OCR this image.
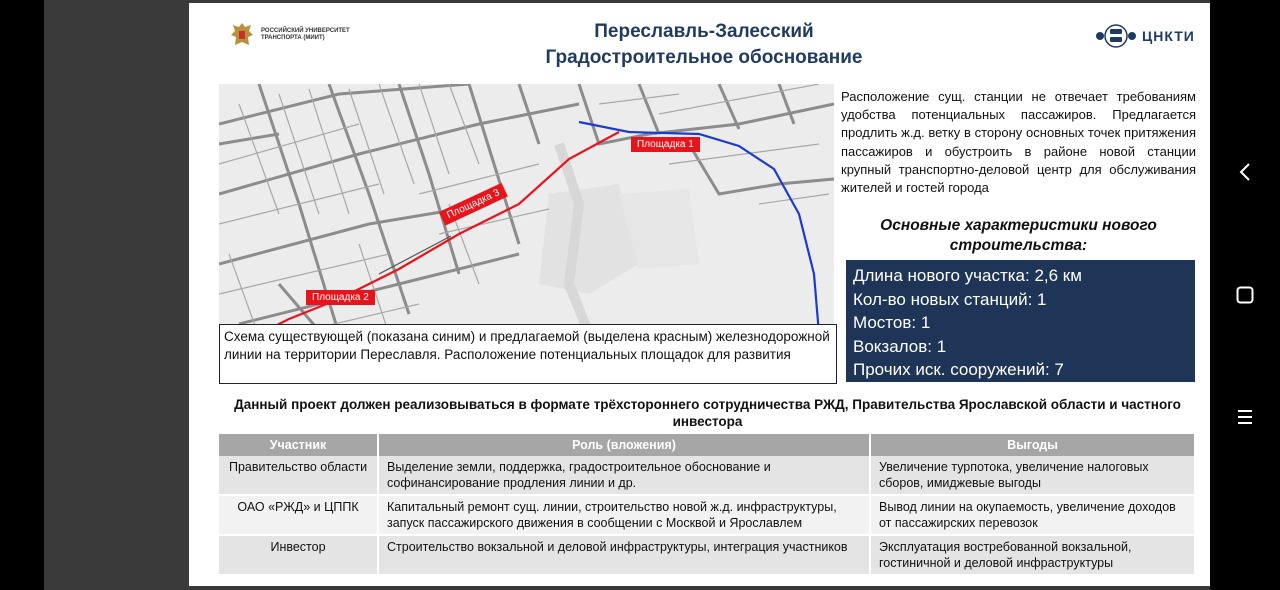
РОССИЙСКИЙ УНИВЕРСИТЕТ
ТРАНСПОРТА (МИИТ)	Переславль-Залесский
Градостроительное обоснование
ЦНКТИ
Площадка 1
Площадка 2
Площадка 3
Схема существующей (показана синим) и предлагаемой (выделена красным) железнодорожной линии на территории Переславля. Расположение потенциальных площадок для развития
Расположение сущ. станции не отвечает требованиям удобства потенциальных пассажиров. Предлагается продлить ж.д. ветку в сторону основных точек притяжения пассажиров и обустроить в районе новой станции крупный транспортно-деловой центр для обслуживания жителей и гостей города
Основные характеристики нового строительства:
Длина нового участка: 2,6 км
Кол-во новых станций: 1
Мостов: 1
Вокзалов: 1
Прочих иск. сооружений: 7
Данный проект должен реализовываться в формате трёхстороннего сотрудничества РЖД, Правительства Ярославской области и частного инвестора
Участник	Роль (вложения)	Выгоды
Правительство области	Выделение земли, поддержка, градостроительное обоснование и софинансирование продления линии и др.	Увеличение турпотока, увеличение налоговых сборов, имиджевые выгоды
ОАО «РЖД» и ЦППК	Капитальный ремонт сущ. линии, строительство новой ж.д. инфраструктуры, запуск пассажирского движения в сообщении с Москвой и Ярославлем	Вывод линии на окупаемость, увеличение доходов от пассажирских перевозок
Инвестор	Строительство вокзальной и деловой инфраструктуры, интеграция участников	Эксплуатация востребованной вокзальной, гостиничной и деловой инфраструктуры
